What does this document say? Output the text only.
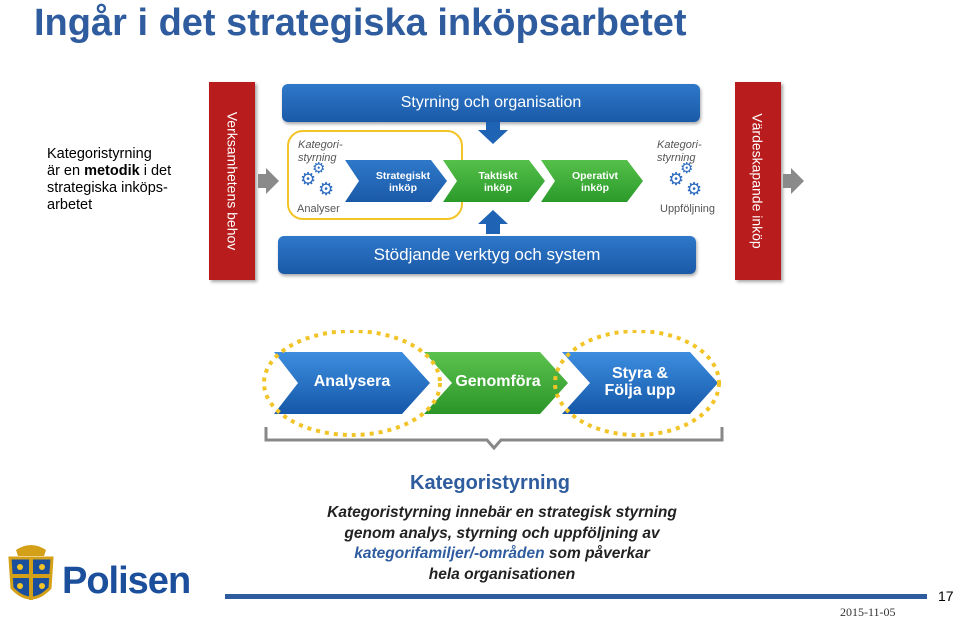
Ingår i det strategiska inköpsarbetet
Kategoristyrning
är en metodik i det
strategiska inköps-
arbetet	Verksamhetens behov	Värdeskapande inköp
Styrning och organisation
Stödjande verktyg och system
Kategori-
styrning
⚙
⚙
⚙
Analyser
Kategori-
styrning
⚙
⚙
⚙
Uppföljning
Strategiskt
inköp
Taktiskt
inköp
Operativt
inköp
Analysera	Genomföra	Styra &
Följa upp
Kategoristyrning
Kategoristyrning innebär en strategisk styrning
genom analys, styrning och uppföljning av
kategorifamiljer/-områden som påverkar
hela organisationen
Polisen
2015-11-05
17
